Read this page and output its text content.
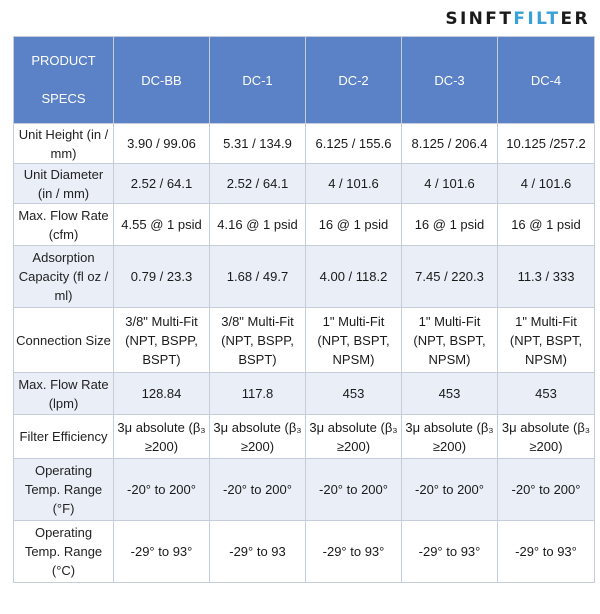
SINFTFILTER
PRODUCT
SPECS	DC-BB	DC-1	DC-2	DC-3	DC-4
Unit Height (in / mm)	3.90 / 99.06	5.31 / 134.9	6.125 / 155.6	8.125 / 206.4	10.125 /257.2
Unit Diameter (in / mm)	2.52 / 64.1	2.52 / 64.1	4 / 101.6	4 / 101.6	4 / 101.6
Max. Flow Rate (cfm)	4.55 @ 1 psid	4.16 @ 1 psid	16 @ 1 psid	16 @ 1 psid	16 @ 1 psid
Adsorption Capacity (fl oz / ml)	0.79 / 23.3	1.68 / 49.7	4.00 / 118.2	7.45 / 220.3	11.3 / 333
Connection Size	3/8" Multi-Fit (NPT, BSPP, BSPT)	3/8" Multi-Fit (NPT, BSPP, BSPT)	1" Multi-Fit (NPT, BSPT, NPSM)	1" Multi-Fit (NPT, BSPT, NPSM)	1" Multi-Fit (NPT, BSPT, NPSM)
Max. Flow Rate (lpm)	128.84	117.8	453	453	453
Filter Efficiency	3μ absolute (β₃ ≥200)	3μ absolute (β₃ ≥200)	3μ absolute (β₃ ≥200)	3μ absolute (β₃ ≥200)	3μ absolute (β₃ ≥200)
Operating Temp. Range (°F)	-20° to 200°	-20° to 200°	-20° to 200°	-20° to 200°	-20° to 200°
Operating Temp. Range (°C)	-29° to 93°	-29° to 93	-29° to 93°	-29° to 93°	-29° to 93°
